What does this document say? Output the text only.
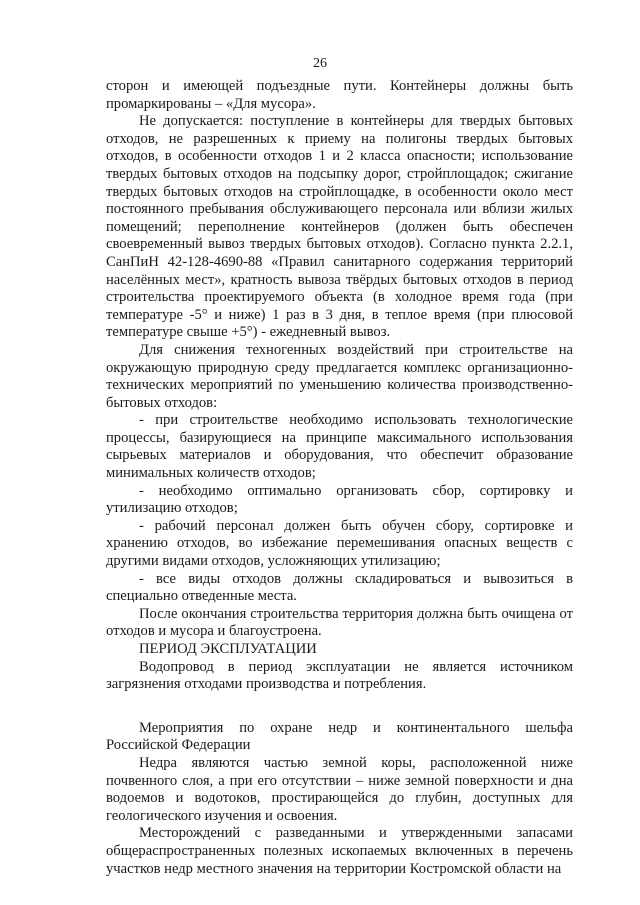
26

сторон и имеющей подъездные пути. Контейнеры должны быть промаркированы – «Для мусора».

Не допускается: поступление в контейнеры для твердых бытовых отходов, не разрешенных к приему на полигоны твердых бытовых отходов, в особенности отходов 1 и 2 класса опасности; использование твердых бытовых отходов на подсыпку дорог, стройплощадок; сжигание твердых бытовых отходов на стройплощадке, в особенности около мест постоянного пребывания обслуживающего персонала или вблизи жилых помещений; переполнение контейнеров (должен быть обеспечен своевременный вывоз твердых бытовых отходов). Согласно пункта 2.2.1, СанПиН 42-128-4690-88 «Правил санитарного содержания территорий населённых мест», кратность вывоза твёрдых бытовых отходов в период строительства проектируемого объекта (в холодное время года (при температуре -5° и ниже) 1 раз в 3 дня, в теплое время (при плюсовой температуре свыше +5°) - ежедневный вывоз.

Для снижения техногенных воздействий при строительстве на окружающую природную среду предлагается комплекс организационно-технических мероприятий по уменьшению количества производственно-бытовых отходов:

- при строительстве необходимо использовать технологические процессы, базирующиеся на принципе максимального использования сырьевых материалов и оборудования, что обеспечит образование минимальных количеств отходов;

- необходимо оптимально организовать сбор, сортировку и утилизацию отходов;

- рабочий персонал должен быть обучен сбору, сортировке и хранению отходов, во избежание перемешивания опасных веществ с другими видами отходов, усложняющих утилизацию;

- все виды отходов должны складироваться и вывозиться в специально отведенные места.

После окончания строительства территория должна быть очищена от отходов и мусора и благоустроена.

ПЕРИОД ЭКСПЛУАТАЦИИ

Водопровод в период эксплуатации не является источником загрязнения отходами производства и потребления.

Мероприятия по охране недр и континентального шельфа Российской Федерации

Недра являются частью земной коры, расположенной ниже почвенного слоя, а при его отсутствии – ниже земной поверхности и дна водоемов и водотоков, простирающейся до глубин, доступных для геологического изучения и освоения.

Месторождений с разведанными и утвержденными запасами общераспространенных полезных ископаемых включенных в перечень участков недр местного значения на территории Костромской области на
